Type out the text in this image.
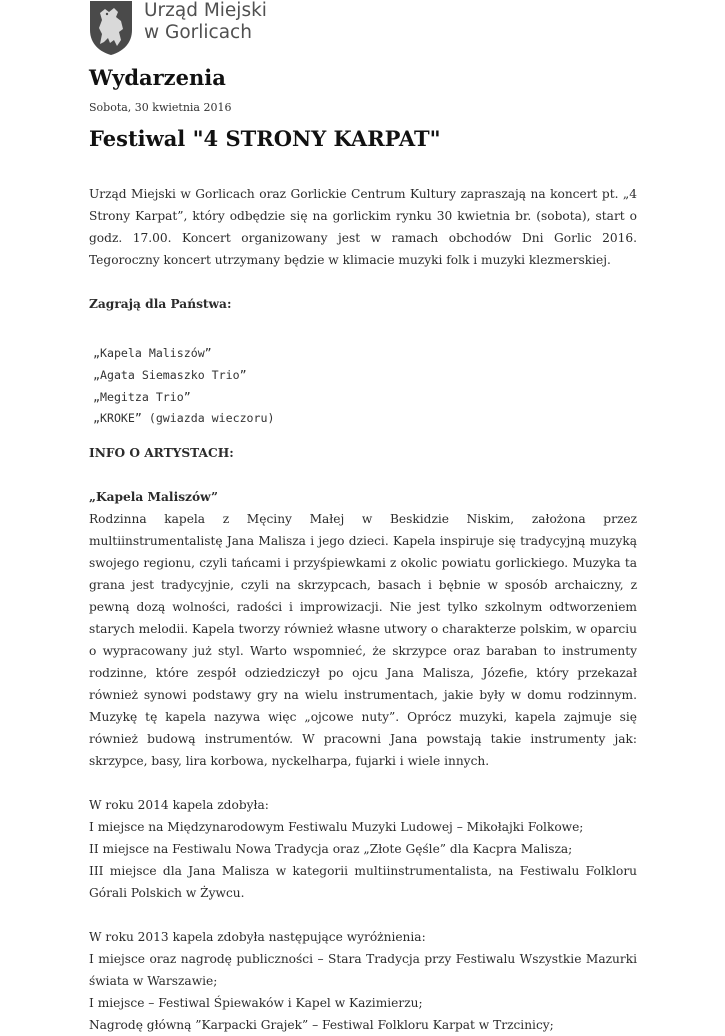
Urząd Miejski
w Gorlicach
Wydarzenia
Sobota, 30 kwietnia 2016
Festiwal "4 STRONY KARPAT"

Urząd Miejski w Gorlicach oraz Gorlickie Centrum Kultury zapraszają na koncert pt. „4 Strony Karpat”, który odbędzie się na gorlickim rynku 30 kwietnia br. (sobota), start o godz. 17.00. Koncert organizowany jest w ramach obchodów Dni Gorlic 2016. Tegoroczny koncert utrzymany będzie w klimacie muzyki folk i muzyki klezmerskiej.

Zagrają dla Państwa:
„Kapela Maliszów”
„Agata Siemaszko Trio”
„Megitza Trio”
„KROKE” (gwiazda wieczoru)
INFO O ARTYSTACH:
„Kapela Maliszów”

Rodzinna kapela z Męciny Małej w Beskidzie Niskim, założona przez multiinstrumentalistę Jana Malisza i jego dzieci. Kapela inspiruje się tradycyjną muzyką swojego regionu, czyli tańcami i przyśpiewkami z okolic powiatu gorlickiego. Muzyka ta grana jest tradycyjnie, czyli na skrzypcach, basach i bębnie w sposób archaiczny, z pewną dozą wolności, radości i improwizacji. Nie jest tylko szkolnym odtworzeniem starych melodii. Kapela tworzy również własne utwory o charakterze polskim, w oparciu o wypracowany już styl. Warto wspomnieć, że skrzypce oraz baraban to instrumenty rodzinne, które zespół odziedziczył po ojcu Jana Malisza, Józefie, który przekazał również synowi podstawy gry na wielu instrumentach, jakie były w domu rodzinnym. Muzykę tę kapela nazywa więc „ojcowe nuty”. Oprócz muzyki, kapela zajmuje się również budową instrumentów. W pracowni Jana powstają takie instrumenty jak: skrzypce, basy, lira korbowa, nyckelharpa, fujarki i wiele innych.

W roku 2014 kapela zdobyła:

I miejsce na Międzynarodowym Festiwalu Muzyki Ludowej – Mikołajki Folkowe;

II miejsce na Festiwalu Nowa Tradycja oraz „Złote Gęśle” dla Kacpra Malisza;

III miejsce dla Jana Malisza w kategorii multiinstrumentalista, na Festiwalu Folkloru Górali Polskich w Żywcu.

W roku 2013 kapela zdobyła następujące wyróżnienia:

I miejsce oraz nagrodę publiczności – Stara Tradycja przy Festiwalu Wszystkie Mazurki świata w Warszawie;

I miejsce – Festiwal Śpiewaków i Kapel w Kazimierzu;

Nagrodę główną ”Karpacki Grajek” – Festiwal Folkloru Karpat w Trzcinicy;
